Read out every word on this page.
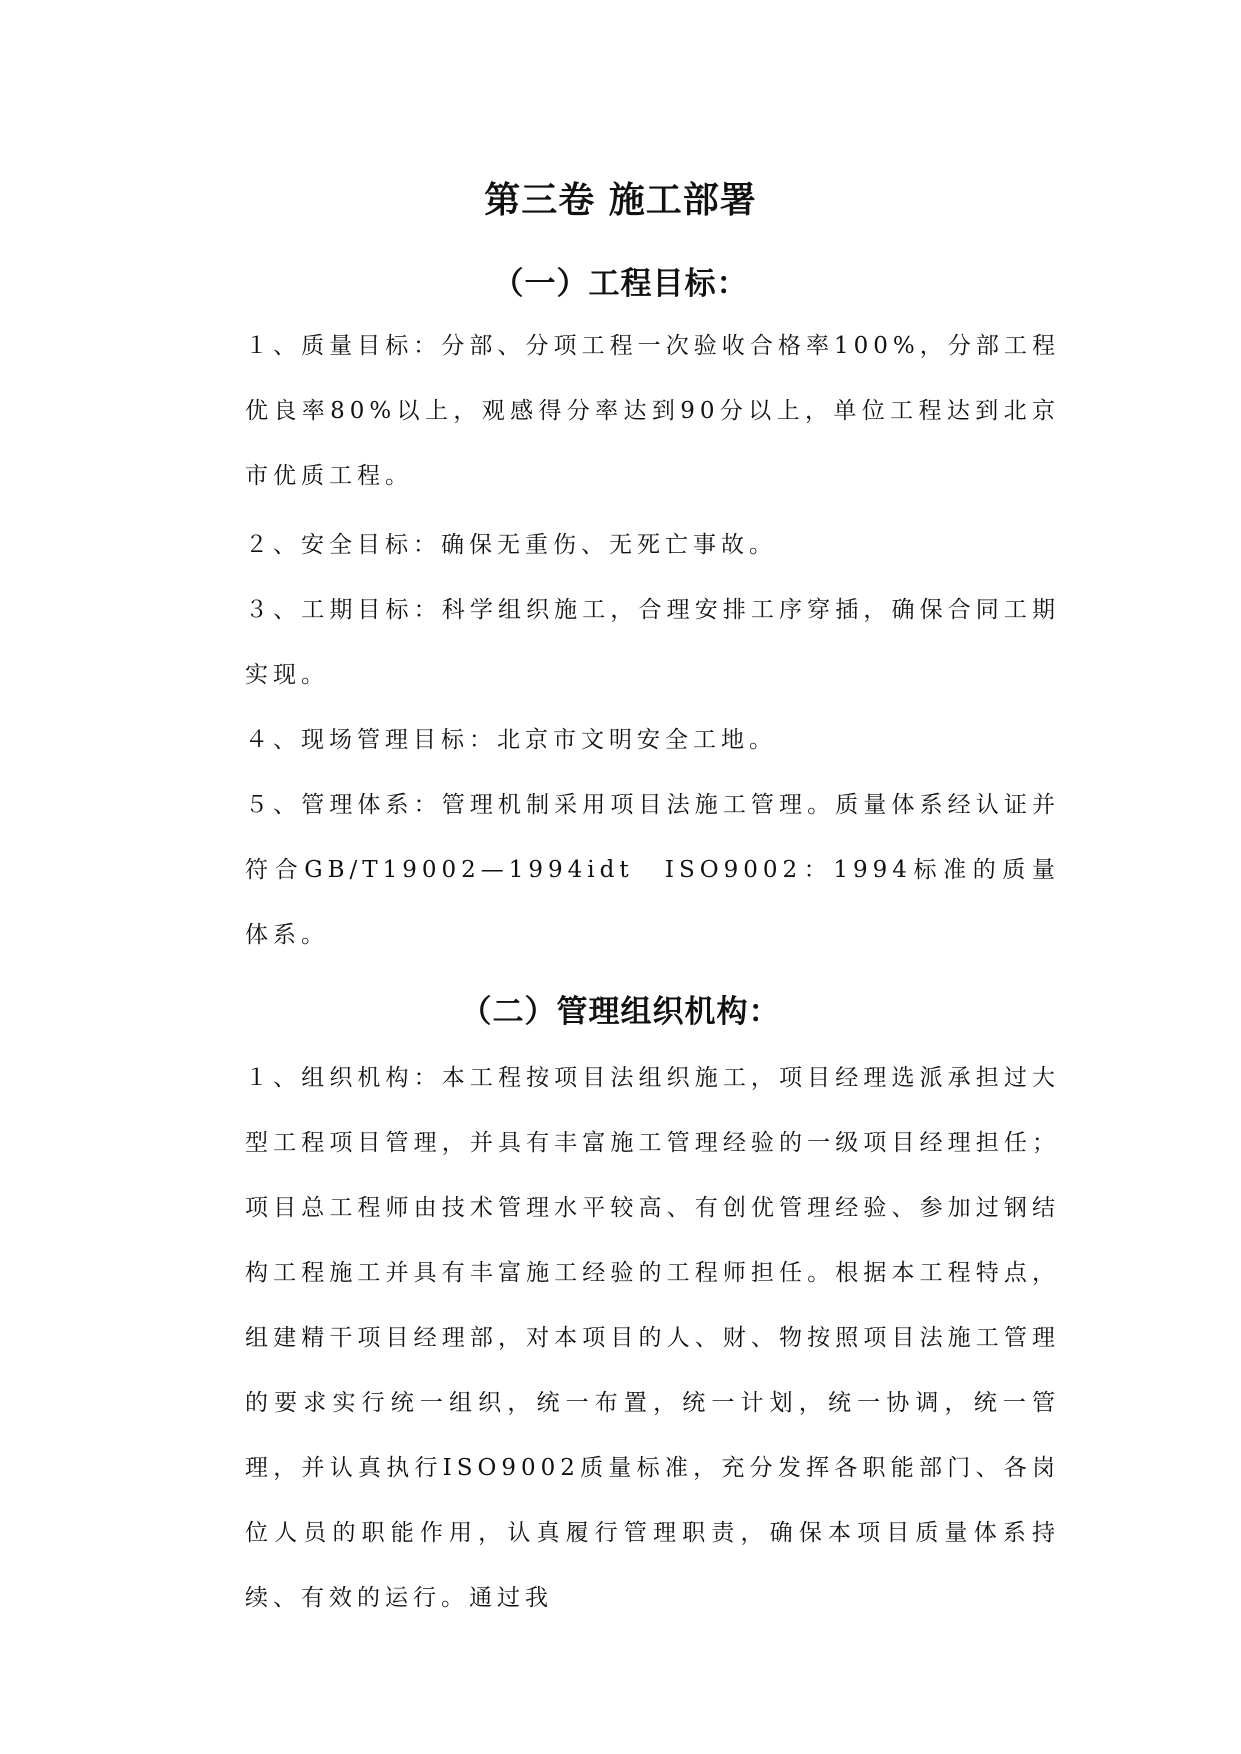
第三卷 施工部署
（一）工程目标：

１、质量目标：分部、分项工程一次验收合格率100%，分部工程优良率80%以上，观感得分率达到90分以上，单位工程达到北京市优质工程。

２、安全目标：确保无重伤、无死亡事故。

３、工期目标：科学组织施工，合理安排工序穿插，确保合同工期实现。

４、现场管理目标：北京市文明安全工地。

５、管理体系：管理机制采用项目法施工管理。质量体系经认证并符合GB/T19002—1994idt　ISO9002：1994标准的质量体系。

（二）管理组织机构：

１、组织机构：本工程按项目法组织施工，项目经理选派承担过大型工程项目管理，并具有丰富施工管理经验的一级项目经理担任；项目总工程师由技术管理水平较高、有创优管理经验、参加过钢结构工程施工并具有丰富施工经验的工程师担任。根据本工程特点，组建精干项目经理部，对本项目的人、财、物按照项目法施工管理的要求实行统一组织，统一布置，统一计划，统一协调，统一管理，并认真执行ISO9002质量标准，充分发挥各职能部门、各岗位人员的职能作用，认真履行管理职责，确保本项目质量体系持续、有效的运行。通过我
